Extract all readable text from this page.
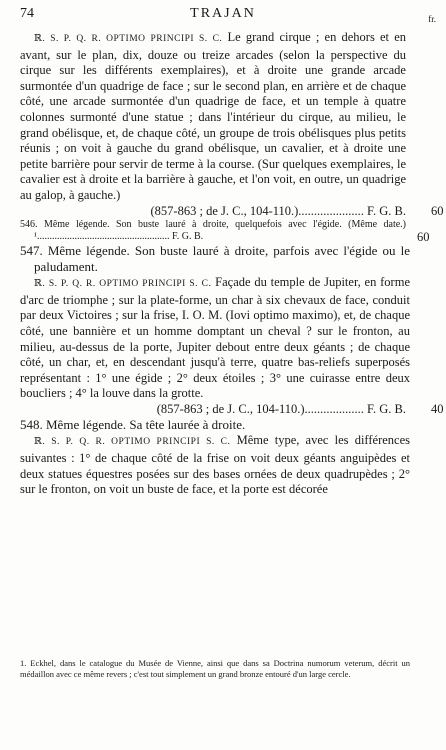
74	TRAJAN	fr.

ℝ. S. P. Q. R. OPTIMO PRINCIPI S. C. Le grand cirque ; en dehors et en avant, sur le plan, dix, douze ou treize arcades (selon la perspective du cirque sur les différents exemplaires), et à droite une grande arcade surmontée d'un quadrige de face ; sur le second plan, en arrière et de chaque côté, une arcade surmontée d'un quadrige de face, et un temple à quatre colonnes surmonté d'une statue ; dans l'intérieur du cirque, au milieu, le grand obélisque, et, de chaque côté, un groupe de trois obélisques plus petits réunis ; on voit à gauche du grand obélisque, un cavalier, et à droite une petite barrière pour servir de terme à la course. (Sur quelques exemplaires, le cavalier est à droite et la barrière à gauche, et l'on voit, en outre, un quadrige au galop, à gauche.)

(857-863 ; de J. C., 104-110.)..................... F. G. B. 60

546. Même légende. Son buste lauré à droite, quelquefois avec l'égide. (Même date.) ¹..................................................... F. G. B.	60

547. Même légende. Son buste lauré à droite, parfois avec l'égide ou le paludament.

ℝ. S. P. Q. R. OPTIMO PRINCIPI S. C. Façade du temple de Jupiter, en forme d'arc de triomphe ; sur la plate-forme, un char à six chevaux de face, conduit par deux Victoires ; sur la frise, I. O. M. (Iovi optimo maximo), et, de chaque côté, une bannière et un homme domptant un cheval ? sur le fronton, au milieu, au-dessus de la porte, Jupiter debout entre deux géants ; de chaque côté, un char, et, en descendant jusqu'à terre, quatre bas-reliefs superposés représentant : 1° une égide ; 2° deux étoiles ; 3° une cuirasse entre deux boucliers ; 4° la louve dans la grotte.

(857-863 ; de J. C., 104-110.)................... F. G. B. 40

548. Même légende. Sa tête laurée à droite.

ℝ. S. P. Q. R. OPTIMO PRINCIPI S. C. Même type, avec les différences suivantes : 1° de chaque côté de la frise on voit deux géants anguipèdes et deux statues équestres posées sur des bases ornées de deux quadrupèdes ; 2° sur le fronton, on voit un buste de face, et la porte est décorée

1. Eckhel, dans le catalogue du Musée de Vienne, ainsi que dans sa Doctrina numorum veterum, décrit un médaillon avec ce même revers ; c'est tout simplement un grand bronze entouré d'un large cercle.
